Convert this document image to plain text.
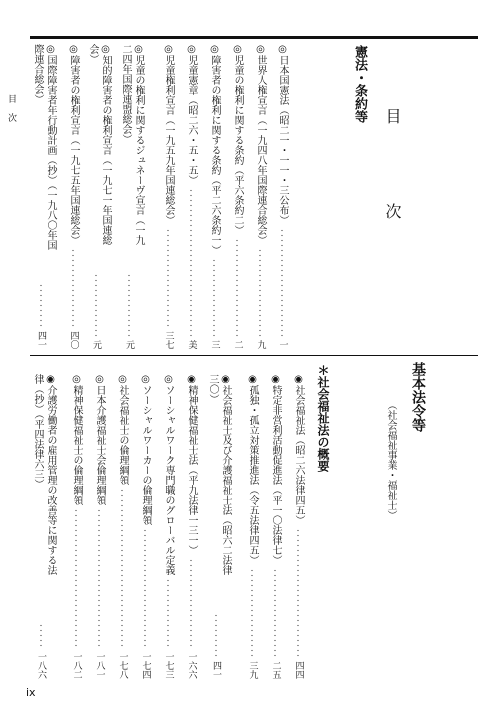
目次	目 次
憲法・条約等
基本法令等
（社会福祉事業・福祉士）
＊社会福祉法の概要
◎日本国憲法（昭二一・一一・三公布）
一
◎世界人権宣言（一九四八年国際連合総会）
九
◎児童の権利に関する条約（平六条約二）
二
◎障害者の権利に関する条約（平二六条約一）
三
◎児童憲章（昭二六・五・五）
美
◎児童権利宣言（一九五九年国連総会）
三七
◎児童の権利に関するジュネーヴ宣言（一九
二四年国際連盟総会）
元
◎知的障害者の権利宣言（一九七一年国連総
会）
元
◎障害者の権利宣言（一九七五年国連総会）
四〇
◎国際障害者年行動計画（抄）（一九八〇年国
際連合総会）
四一
◉社会福祉法（昭二六法律四五）
四四
◉特定非営利活動促進法（平一〇法律七）
二五
◉孤独・孤立対策推進法（令五法律四五）
三九
◉社会福祉士及び介護福祉士法（昭六二法律
三〇）
四一
◉精神保健福祉士法（平九法律一三一）
一六六
◎ソーシャルワーク専門職のグローバル定義
一七三
◎ソーシャルワーカーの倫理綱領
一七四
◎社会福祉士の倫理綱領
一七八
◎日本介護福祉士会倫理綱領
一八一
◎精神保健福祉士の倫理綱領
一八二
◉介護労働者の雇用管理の改善等に関する法
律（抄）（平四法律六三）
一八六
ix
